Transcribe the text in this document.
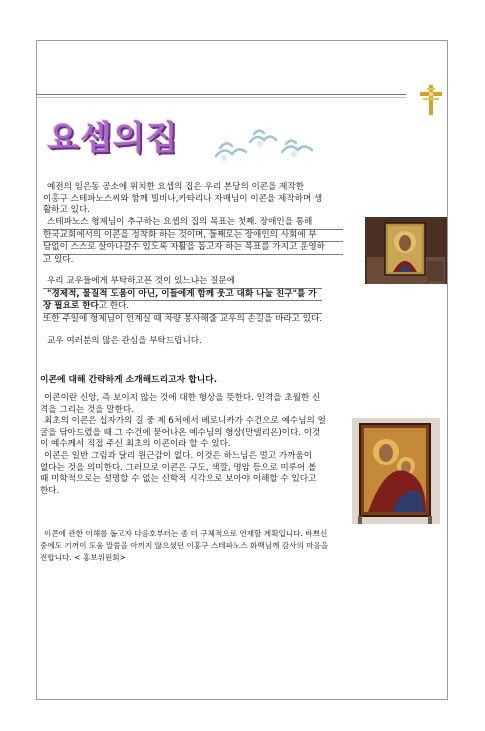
요셉의집
예전의 임은동 공소에 위치한 요셉의 집은 우리 본당의 이콘을 제작한
이홍구 스테파노스씨와 함께 빌비나,카타리나 자매님이 이콘을 제작하며 생
활하고 있다.
스테파노스 형제님이 추구하는 요셉의 집의 목표는 첫째. 장애인을 통해
한국교회에서의 이콘을 정착화 하는 것이며, 둘째로는 장애인의 사회에 부
담없이 스스로 살아나갈수 있도록 자활을 돕고자 하는 목표를 가지고 운영하
고 있다.
우리 교우들에게 부탁하고픈 것이 있느냐는 질문에
"경제적, 물질적 도움이 아닌, 이들에게 함께 웃고 대화 나눌 친구"를 가
장 필요로 한다고 한다.
또한 주일에 형제님이 인계실 때 차량 봉사해줄 교우의 손길을 바라고 있다.
교우 여러분의 많은 관심을 부탁드립니다.
이콘에 대해 간략하게 소개해드리고자 합니다.
이콘이란 신앙, 즉 보이지 않는 것에 대한 형상을 뜻한다. 인격을 초월한 신
격을 그리는 것을 말한다.
최초의 이콘은 십자가의 길 중 제 6처에서 베로니카가 수건으로 예수님의 얼
굴을 닦아드렸을 때 그 수건에 묻어나온 예수님의 형상(만델리온)이다. 이것
이 예수께서 직접 주신 최초의 이콘이라 할 수 있다.
이콘은 일반 그림과 달리 원근감이 없다. 이것은 하느님은 멀고 가까움이
없다는 것을 의미한다. 그러므로 이콘은 구도, 색깔, 명암 등으로 미루어 볼
때 미학적으로는 설명할 수 없는 신학적 시각으로 보아야 이해할 수 있다고
한다.
이콘에 관한 이해를 돕고자 다음호부터는 좀 더 구체적으로 연재할 계획입니다. 바쁘신
중에도 기꺼이 도움 말씀을 아끼지 않으셨던 이홍구 스테파노스 화백님께 감사의 마음을
전합니다. < 홍보위원회>
